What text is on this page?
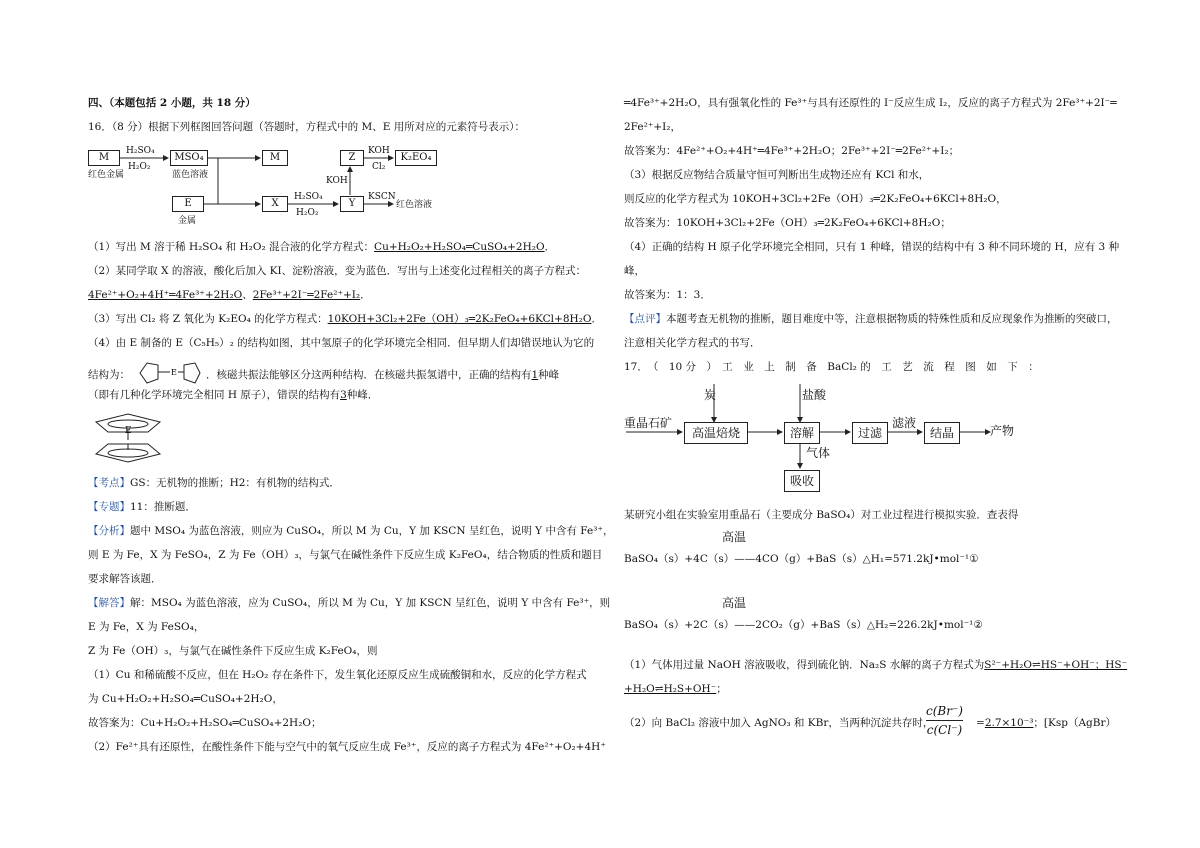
四、（本题包括 2 小题，共 18 分）
16．（8 分）根据下列框图回答问题（答题时，方程式中的 M、E 用所对应的元素符号表示）：
M
红色金属
H₂SO₄
H₂O₂
MSO₄
蓝色溶液
M
E
金属
X
H₂SO₄
H₂O₂
Y
KOH
Z
KOH
Cl₂
K₂EO₄
KSCN
红色溶液
（1）写出 M 溶于稀 H₂SO₄ 和 H₂O₂ 混合液的化学方程式：Cu+H₂O₂+H₂SO₄═CuSO₄+2H₂O．
（2）某同学取 X 的溶液，酸化后加入 KI、淀粉溶液，变为蓝色．写出与上述变化过程相关的离子方程式：
4Fe²⁺+O₂+4H⁺═4Fe³⁺+2H₂O、2Fe³⁺+2I⁻═2Fe²⁺+I₂．
（3）写出 Cl₂ 将 Z 氧化为 K₂EO₄ 的化学方程式：10KOH+3Cl₂+2Fe（OH）₃═2K₂FeO₄+6KCl+8H₂O．
（4）由 E 制备的 E（C₅H₅）₂ 的结构如图，其中氢原子的化学环境完全相同．但早期人们却错误地认为它的
结构为：	．核磁共振法能够区分这两种结构．在核磁共振氢谱中，正确的结构有1种峰
E
（即有几种化学环境完全相同 H 原子），错误的结构有3种峰．
E
【考点】GS：无机物的推断；H2：有机物的结构式．
【专题】11：推断题．
【分析】题中 MSO₄ 为蓝色溶液，则应为 CuSO₄，所以 M 为 Cu，Y 加 KSCN 呈红色，说明 Y 中含有 Fe³⁺，
则 E 为 Fe，X 为 FeSO₄，Z 为 Fe（OH）₃，与氯气在碱性条件下反应生成 K₂FeO₄，结合物质的性质和题目
要求解答该题．
【解答】解：MSO₄ 为蓝色溶液，应为 CuSO₄，所以 M 为 Cu，Y 加 KSCN 呈红色，说明 Y 中含有 Fe³⁺，则
E 为 Fe，X 为 FeSO₄，
Z 为 Fe（OH）₃，与氯气在碱性条件下反应生成 K₂FeO₄，则
（1）Cu 和稀硫酸不反应，但在 H₂O₂ 存在条件下，发生氧化还原反应生成硫酸铜和水，反应的化学方程式
为 Cu+H₂O₂+H₂SO₄═CuSO₄+2H₂O，
故答案为：Cu+H₂O₂+H₂SO₄═CuSO₄+2H₂O；
（2）Fe²⁺具有还原性，在酸性条件下能与空气中的氧气反应生成 Fe³⁺，反应的离子方程式为 4Fe²⁺+O₂+4H⁺
═4Fe³⁺+2H₂O，具有强氧化性的 Fe³⁺与具有还原性的 I⁻反应生成 I₂，反应的离子方程式为 2Fe³⁺+2I⁻═
2Fe²⁺+I₂，
故答案为：4Fe²⁺+O₂+4H⁺═4Fe³⁺+2H₂O；2Fe³⁺+2I⁻═2Fe²⁺+I₂；
（3）根据反应物结合质量守恒可判断出生成物还应有 KCl 和水，
则反应的化学方程式为 10KOH+3Cl₂+2Fe（OH）₃═2K₂FeO₄+6KCl+8H₂O，
故答案为：10KOH+3Cl₂+2Fe（OH）₃═2K₂FeO₄+6KCl+8H₂O；
（4）正确的结构 H 原子化学环境完全相同，只有 1 种峰，错误的结构中有 3 种不同环境的 H，应有 3 种
峰，
故答案为：1：3．
【点评】本题考查无机物的推断，题目难度中等，注意根据物质的特殊性质和反应现象作为推断的突破口，
注意相关化学方程式的书写．
17．　（　10 分　）　工　业　上　制　备　BaCl₂ 的　工　艺　流　程　图　如　下　：
炭	盐酸
重晶石矿
高温焙烧	溶解	过滤
滤液
结晶	产物
气体
吸收
某研究小组在实验室用重晶石（主要成分 BaSO₄）对工业过程进行模拟实验．查表得
高温
BaSO₄（s）+4C（s）——4CO（g）+BaS（s）△H₁=571.2kJ•mol⁻¹①
高温
BaSO₄（s）+2C（s）——2CO₂（g）+BaS（s）△H₂=226.2kJ•mol⁻¹②
（1）气体用过量 NaOH 溶液吸收，得到硫化钠．Na₂S 水解的离子方程式为S²⁻+H₂O⇌HS⁻+OH⁻；HS⁻
+H₂O⇌H₂S+OH⁻；
（2）向 BaCl₂ 溶液中加入 AgNO₃ 和 KBr，当两种沉淀共存时，
$\frac{c(Br^-)}{c(Cl^-)} =2.7\times 10^{-3}$；[Ksp（AgBr）
